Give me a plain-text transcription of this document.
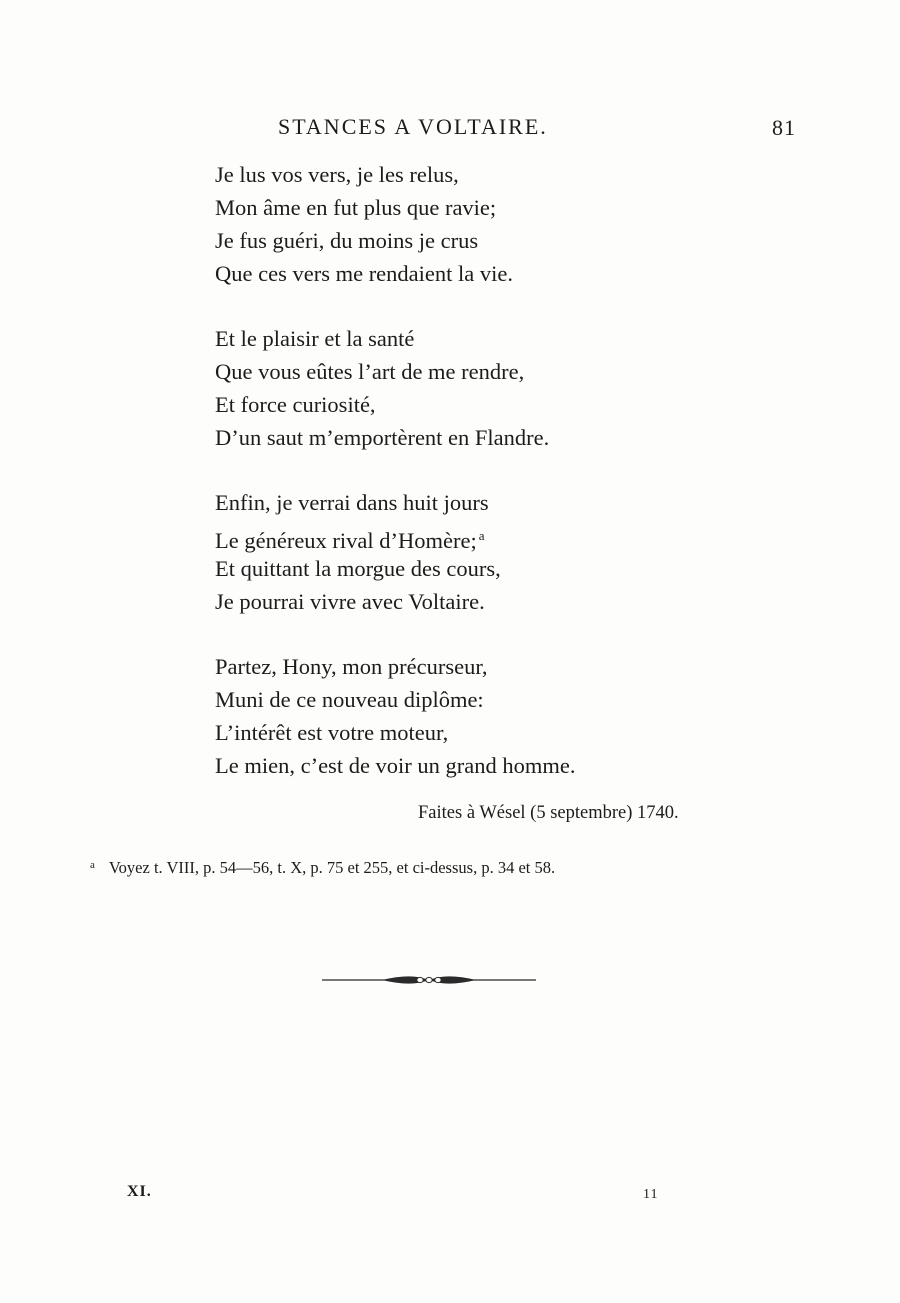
STANCES A VOLTAIRE.	81
Je lus vos vers, je les relus,
Mon âme en fut plus que ravie;
Je fus guéri, du moins je crus
Que ces vers me rendaient la vie.
Et le plaisir et la santé
Que vous eûtes l’art de me rendre,
Et force curiosité,
D’un saut m’emportèrent en Flandre.
Enfin, je verrai dans huit jours
Le généreux rival d’Homère; $^a$
Et quittant la morgue des cours,
Je pourrai vivre avec Voltaire.
Partez, Hony, mon précurseur,
Muni de ce nouveau diplôme:
L’intérêt est votre moteur,
Le mien, c’est de voir un grand homme.
Faites à Wésel (5 septembre) 1740.
$^a$ Voyez t. VIII, p. 54—56, t. X, p. 75 et 255, et ci-dessus, p. 34 et 58.
XI.	11
